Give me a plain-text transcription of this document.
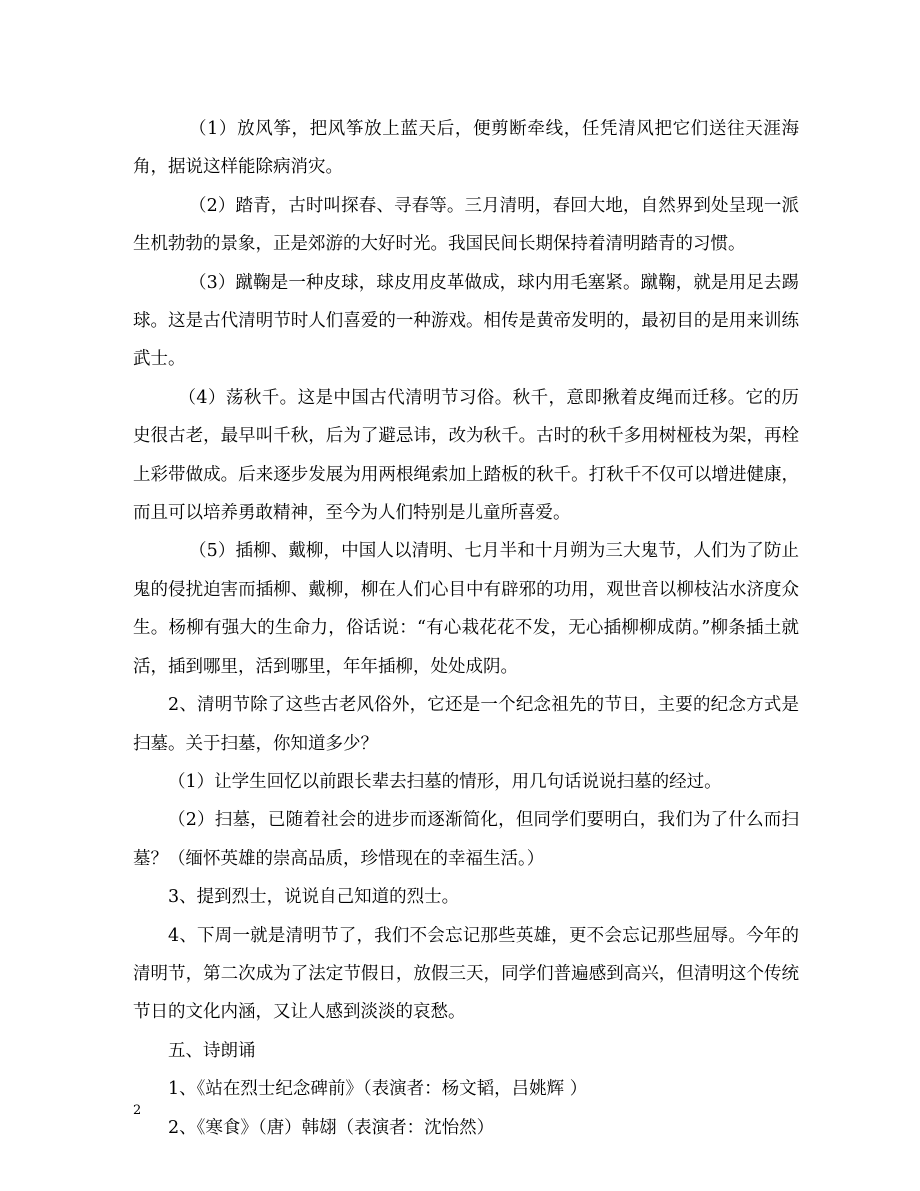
（1）放风筝，把风筝放上蓝天后，便剪断牵线，任凭清风把它们送往天涯海角，据说这样能除病消灾。

（2）踏青，古时叫探春、寻春等。三月清明，春回大地，自然界到处呈现一派生机勃勃的景象，正是郊游的大好时光。我国民间长期保持着清明踏青的习惯。

（3）蹴鞠是一种皮球，球皮用皮革做成，球内用毛塞紧。蹴鞠，就是用足去踢球。这是古代清明节时人们喜爱的一种游戏。相传是黄帝发明的，最初目的是用来训练武士。

（4）荡秋千。这是中国古代清明节习俗。秋千，意即揪着皮绳而迁移。它的历史很古老，最早叫千秋，后为了避忌讳，改为秋千。古时的秋千多用树桠枝为架，再栓上彩带做成。后来逐步发展为用两根绳索加上踏板的秋千。打秋千不仅可以增进健康，而且可以培养勇敢精神，至今为人们特别是儿童所喜爱。

（5）插柳、戴柳，中国人以清明、七月半和十月朔为三大鬼节，人们为了防止鬼的侵扰迫害而插柳、戴柳，柳在人们心目中有辟邪的功用，观世音以柳枝沾水济度众生。杨柳有强大的生命力，俗话说：“有心栽花花不发，无心插柳柳成荫。”柳条插土就活，插到哪里，活到哪里，年年插柳，处处成阴。

2、清明节除了这些古老风俗外，它还是一个纪念祖先的节日，主要的纪念方式是扫墓。关于扫墓，你知道多少？

（1）让学生回忆以前跟长辈去扫墓的情形，用几句话说说扫墓的经过。

（2）扫墓，已随着社会的进步而逐渐简化，但同学们要明白，我们为了什么而扫墓？（缅怀英雄的崇高品质，珍惜现在的幸福生活。）

3、提到烈士，说说自己知道的烈士。

4、下周一就是清明节了，我们不会忘记那些英雄，更不会忘记那些屈辱。今年的清明节，第二次成为了法定节假日，放假三天，同学们普遍感到高兴，但清明这个传统节日的文化内涵，又让人感到淡淡的哀愁。

五、诗朗诵

1、《站在烈士纪念碑前》（表演者：杨文韬，吕姚辉 ）

2、《寒食》（唐）韩翃（表演者：沈怡然）

2
